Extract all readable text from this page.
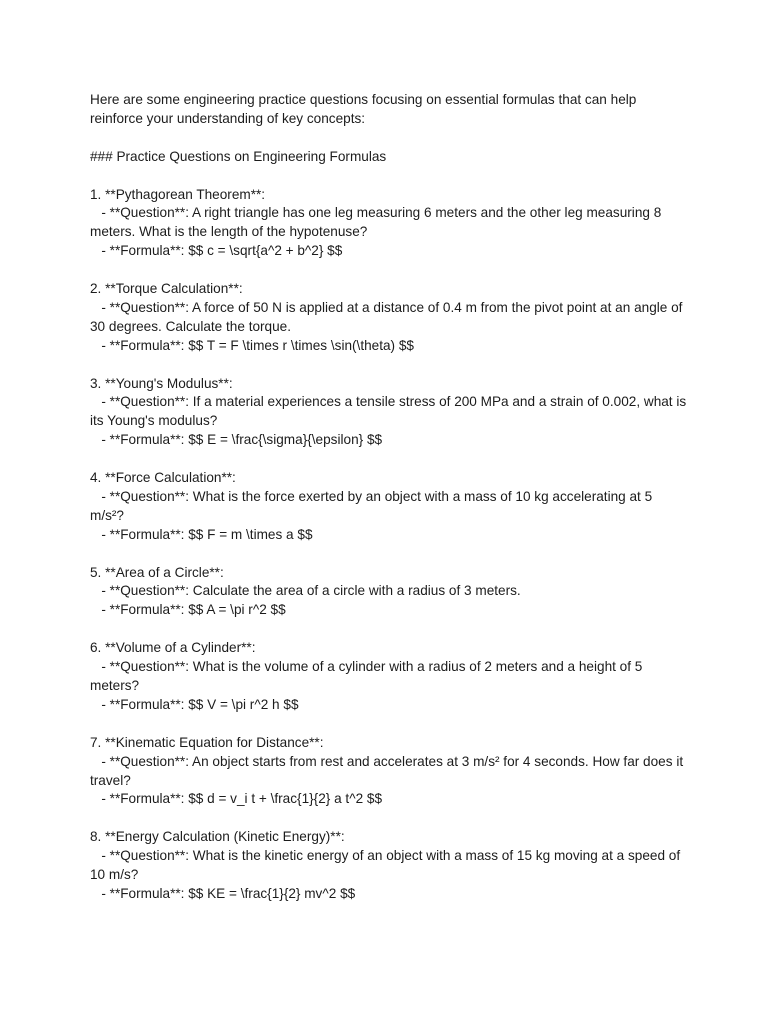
Here are some engineering practice questions focusing on essential formulas that can help reinforce your understanding of key concepts:

### Practice Questions on Engineering Formulas

1. **Pythagorean Theorem**:

- **Question**: A right triangle has one leg measuring 6 meters and the other leg measuring 8 meters. What is the length of the hypotenuse?

- **Formula**: $$ c = \sqrt{a^2 + b^2} $$

2. **Torque Calculation**:

- **Question**: A force of 50 N is applied at a distance of 0.4 m from the pivot point at an angle of 30 degrees. Calculate the torque.

- **Formula**: $$ T = F \times r \times \sin(\theta) $$

3. **Young's Modulus**:

- **Question**: If a material experiences a tensile stress of 200 MPa and a strain of 0.002, what is its Young's modulus?

- **Formula**: $$ E = \frac{\sigma}{\epsilon} $$

4. **Force Calculation**:

- **Question**: What is the force exerted by an object with a mass of 10 kg accelerating at 5 m/s²?

- **Formula**: $$ F = m \times a $$

5. **Area of a Circle**:

- **Question**: Calculate the area of a circle with a radius of 3 meters.

- **Formula**: $$ A = \pi r^2 $$

6. **Volume of a Cylinder**:

- **Question**: What is the volume of a cylinder with a radius of 2 meters and a height of 5 meters?

- **Formula**: $$ V = \pi r^2 h $$

7. **Kinematic Equation for Distance**:

- **Question**: An object starts from rest and accelerates at 3 m/s² for 4 seconds. How far does it travel?

- **Formula**: $$ d = v_i t + \frac{1}{2} a t^2 $$

8. **Energy Calculation (Kinetic Energy)**:

- **Question**: What is the kinetic energy of an object with a mass of 15 kg moving at a speed of 10 m/s?

- **Formula**: $$ KE = \frac{1}{2} mv^2 $$
